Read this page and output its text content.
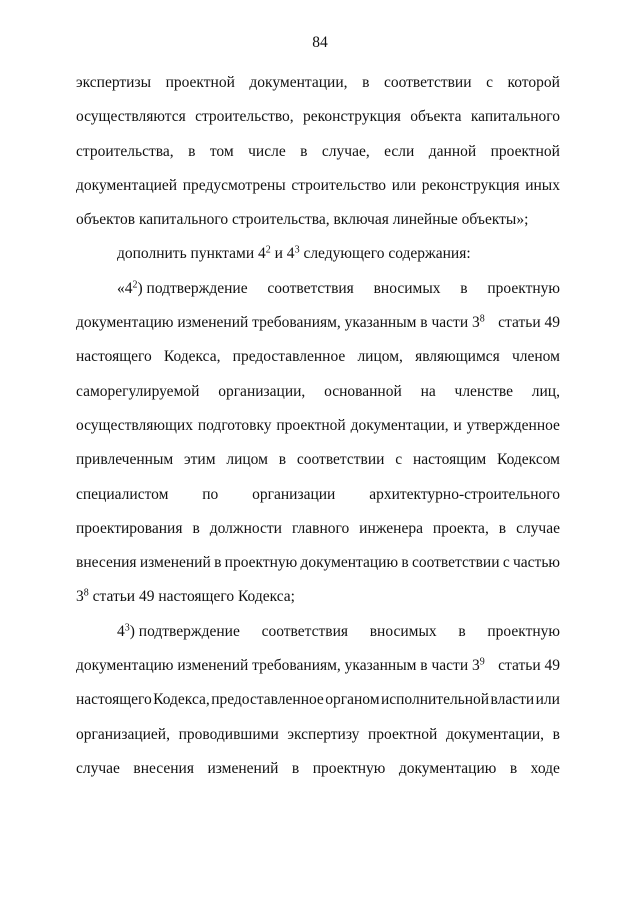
84
экспертизы проектной документации, в соответствии с которой
осуществляются строительство, реконструкция объекта капитального
строительства, в том числе в случае, если данной проектной
документацией предусмотрены строительство или реконструкция иных
объектов капитального строительства, включая линейные объекты»;
дополнить пунктами $4^2$ и $4^3$ следующего содержания:
«$4^2$) подтверждение соответствия вносимых в проектную
документацию изменений требованиям, указанным в части $3^8$ статьи 49
настоящего Кодекса, предоставленное лицом, являющимся членом
саморегулируемой организации, основанной на членстве лиц,
осуществляющих подготовку проектной документации, и утвержденное
привлеченным этим лицом в соответствии с настоящим Кодексом
специалистом по организации архитектурно-строительного
проектирования в должности главного инженера проекта, в случае
внесения изменений в проектную документацию в соответствии с частью
$3^8$ статьи 49 настоящего Кодекса;
$4^3$) подтверждение соответствия вносимых в проектную
документацию изменений требованиям, указанным в части $3^9$ статьи 49
настоящего Кодекса, предоставленное органом исполнительной власти или
организацией, проводившими экспертизу проектной документации, в
случае внесения изменений в проектную документацию в ходе
